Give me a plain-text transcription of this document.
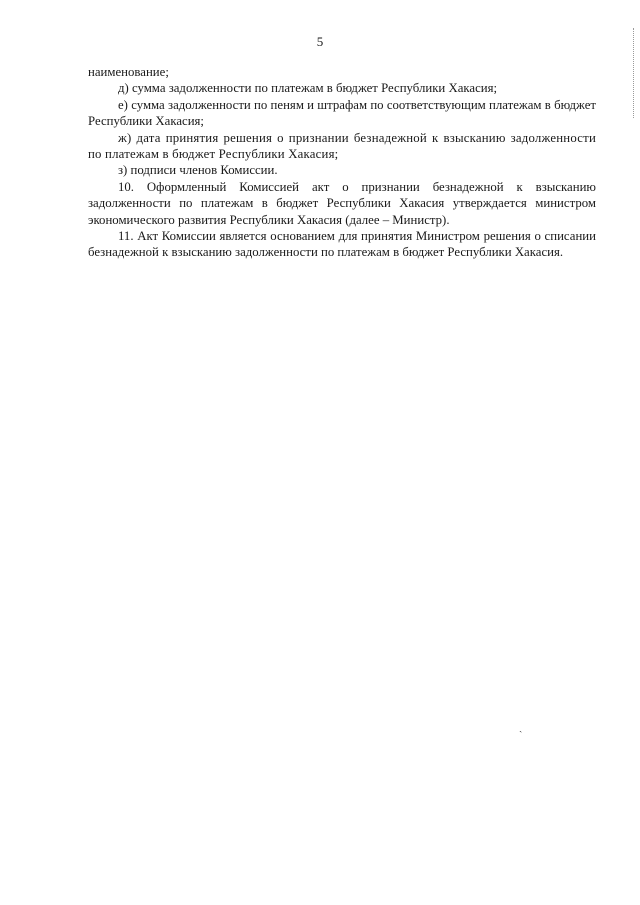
5

наименование;

д) сумма задолженности по платежам в бюджет Республики Хакасия;

е) сумма задолженности по пеням и штрафам по соответствующим платежам в бюджет Республики Хакасия;

ж) дата принятия решения о признании безнадежной к взысканию задолженности по платежам в бюджет Республики Хакасия;

з) подписи членов Комиссии.

10. Оформленный Комиссией акт о признании безнадежной к взысканию задолженности по платежам в бюджет Республики Хакасия утверждается министром экономического развития Республики Хакасия (далее – Министр).

11. Акт Комиссии является основанием для принятия Министром решения о списании безнадежной к взысканию задолженности по платежам в бюджет Республики Хакасия.

ˏ
